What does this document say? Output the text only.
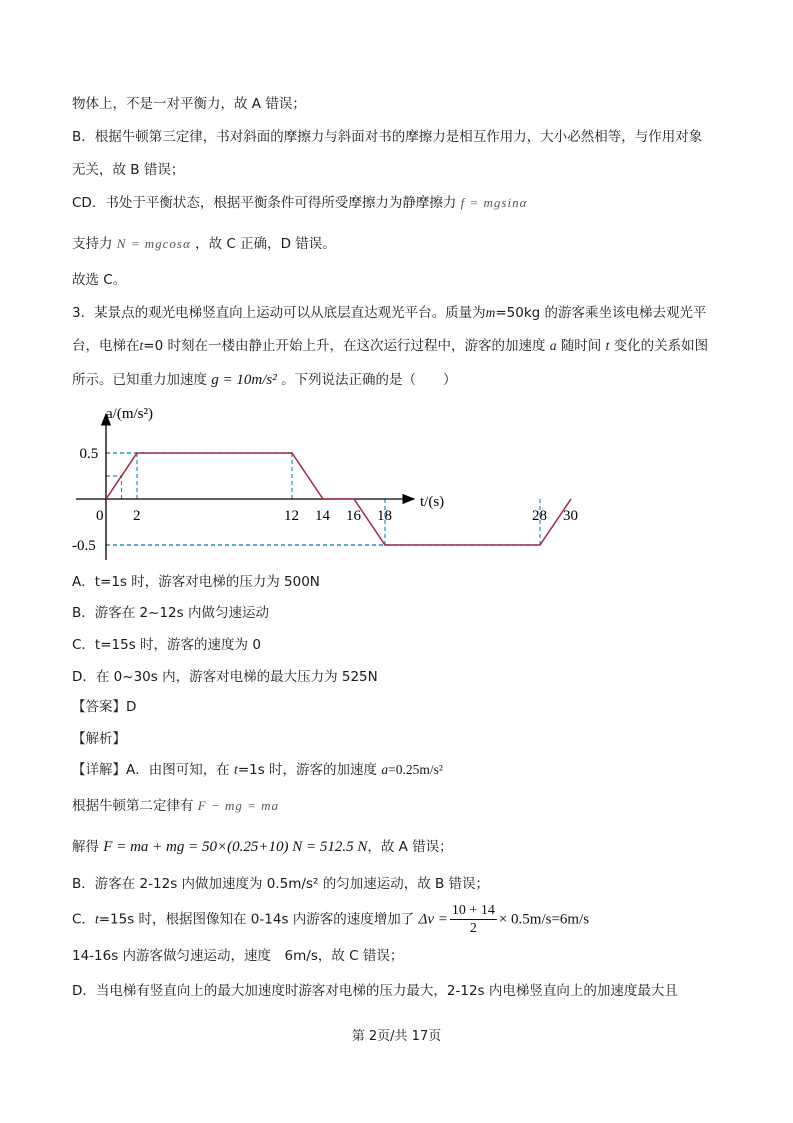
物体上，不是一对平衡力，故 A 错误；
B．根据牛顿第三定律，书对斜面的摩擦力与斜面对书的摩擦力是相互作用力，大小必然相等，与作用对象
无关，故 B 错误；
CD．书处于平衡状态，根据平衡条件可得所受摩擦力为静摩擦力 f = mgsinα
支持力 N = mgcosα ，故 C 正确，D 错误。
故选 C。
3．某景点的观光电梯竖直向上运动可以从底层直达观光平台。质量为m=50kg 的游客乘坐该电梯去观光平
台，电梯在t=0 时刻在一楼由静止开始上升，在这次运行过程中，游客的加速度 a 随时间 t 变化的关系如图
所示。已知重力加速度 g = 10m/s² 。下列说法正确的是（　　）
2	12 14 16 18	28 30
0.5
-0.5
a/(m/s²)
t/(s)
0
A．t=1s 时，游客对电梯的压力为 500N
B．游客在 2~12s 内做匀速运动
C．t=15s 时，游客的速度为 0
D．在 0~30s 内，游客对电梯的最大压力为 525N
【答案】D
【解析】
【详解】A．由图可知，在 t=1s 时，游客的加速度 a=0.25m/s²
根据牛顿第二定律有 F − mg = ma
解得 F = ma + mg = 50×(0.25+10) N = 512.5 N，故 A 错误；
B．游客在 2-12s 内做加速度为 0.5m/s² 的匀加速运动，故 B 错误；
C．t=15s 时，根据图像知在 0-14s 内游客的速度增加了 $\Delta v = \frac{10 + 14}{2} \times 0.5m/s=6m/s$
14-16s 内游客做匀速运动，速度　6m/s，故 C 错误；
D．当电梯有竖直向上的最大加速度时游客对电梯的压力最大，2-12s 内电梯竖直向上的加速度最大且
第 2页/共 17页
